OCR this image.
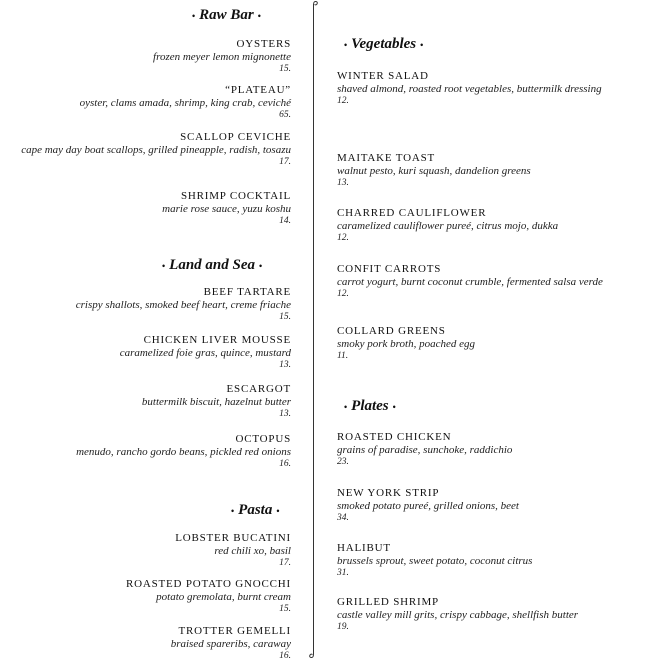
• Raw Bar •
OYSTERS
frozen meyer lemon mignonette
15.
“PLATEAU”
oyster, clams amada, shrimp, king crab, ceviché
65.
SCALLOP CEVICHE
cape may day boat scallops, grilled pineapple, radish, tosazu
17.
SHRIMP COCKTAIL
marie rose sauce, yuzu koshu
14.
• Land and Sea •
BEEF TARTARE
crispy shallots, smoked beef heart, creme friache
15.
CHICKEN LIVER MOUSSE
caramelized foie gras, quince, mustard
13.
ESCARGOT
buttermilk biscuit, hazelnut butter
13.
OCTOPUS
menudo, rancho gordo beans, pickled red onions
16.
• Pasta •
LOBSTER BUCATINI
red chili xo, basil
17.
ROASTED POTATO GNOCCHI
potato gremolata, burnt cream
15.
TROTTER GEMELLI
braised spareribs, caraway
16.
• Vegetables •
WINTER SALAD
shaved almond, roasted root vegetables, buttermilk dressing
12.
MAITAKE TOAST
walnut pesto, kuri squash, dandelion greens
13.
CHARRED CAULIFLOWER
caramelized cauliflower pureé, citrus mojo, dukka
12.
CONFIT CARROTS
carrot yogurt, burnt coconut crumble, fermented salsa verde
12.
COLLARD GREENS
smoky pork broth, poached egg
11.
• Plates •
ROASTED CHICKEN
grains of paradise, sunchoke, raddichio
23.
NEW YORK STRIP
smoked potato pureé, grilled onions, beet
34.
HALIBUT
brussels sprout, sweet potato, coconut citrus
31.
GRILLED SHRIMP
castle valley mill grits, crispy cabbage, shellfish butter
19.
